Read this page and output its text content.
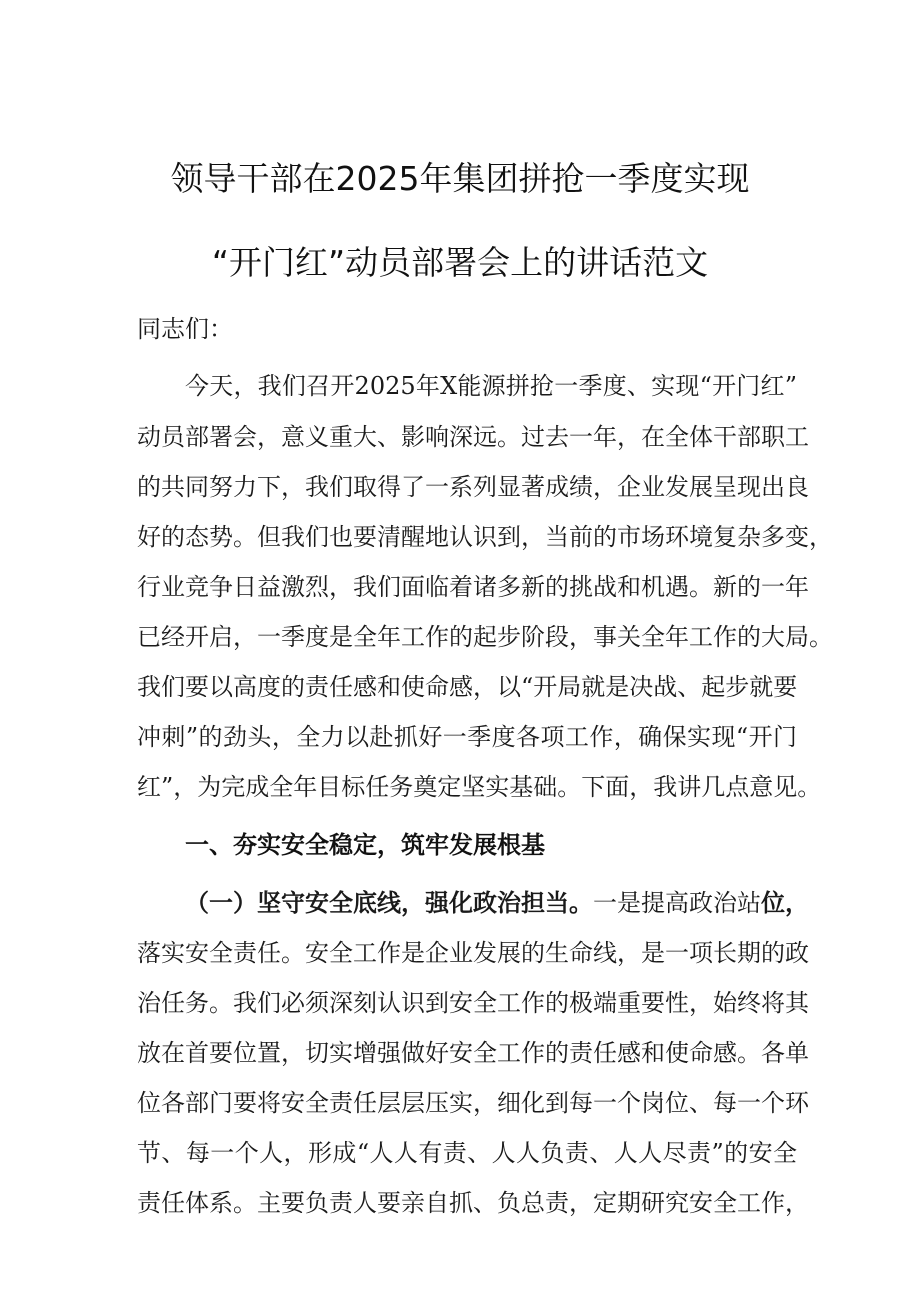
领导干部在2025年集团拼抢一季度实现
“开门红”动员部署会上的讲话范文
同志们：
今天，我们召开2025年X能源拼抢一季度、实现“开门红”
动员部署会，意义重大、影响深远。过去一年，在全体干部职工
的共同努力下，我们取得了一系列显著成绩，企业发展呈现出良
好的态势。但我们也要清醒地认识到，当前的市场环境复杂多变，
行业竞争日益激烈，我们面临着诸多新的挑战和机遇。新的一年
已经开启，一季度是全年工作的起步阶段，事关全年工作的大局。
我们要以高度的责任感和使命感，以“开局就是决战、起步就要
冲刺”的劲头，全力以赴抓好一季度各项工作，确保实现“开门
红”，为完成全年目标任务奠定坚实基础。下面，我讲几点意见。
一、夯实安全稳定，筑牢发展根基
（一）坚守安全底线，强化政治担当。一是提高政治站位，
落实安全责任。安全工作是企业发展的生命线，是一项长期的政
治任务。我们必须深刻认识到安全工作的极端重要性，始终将其
放在首要位置，切实增强做好安全工作的责任感和使命感。各单
位各部门要将安全责任层层压实，细化到每一个岗位、每一个环
节、每一个人，形成“人人有责、人人负责、人人尽责”的安全
责任体系。主要负责人要亲自抓、负总责，定期研究安全工作，
